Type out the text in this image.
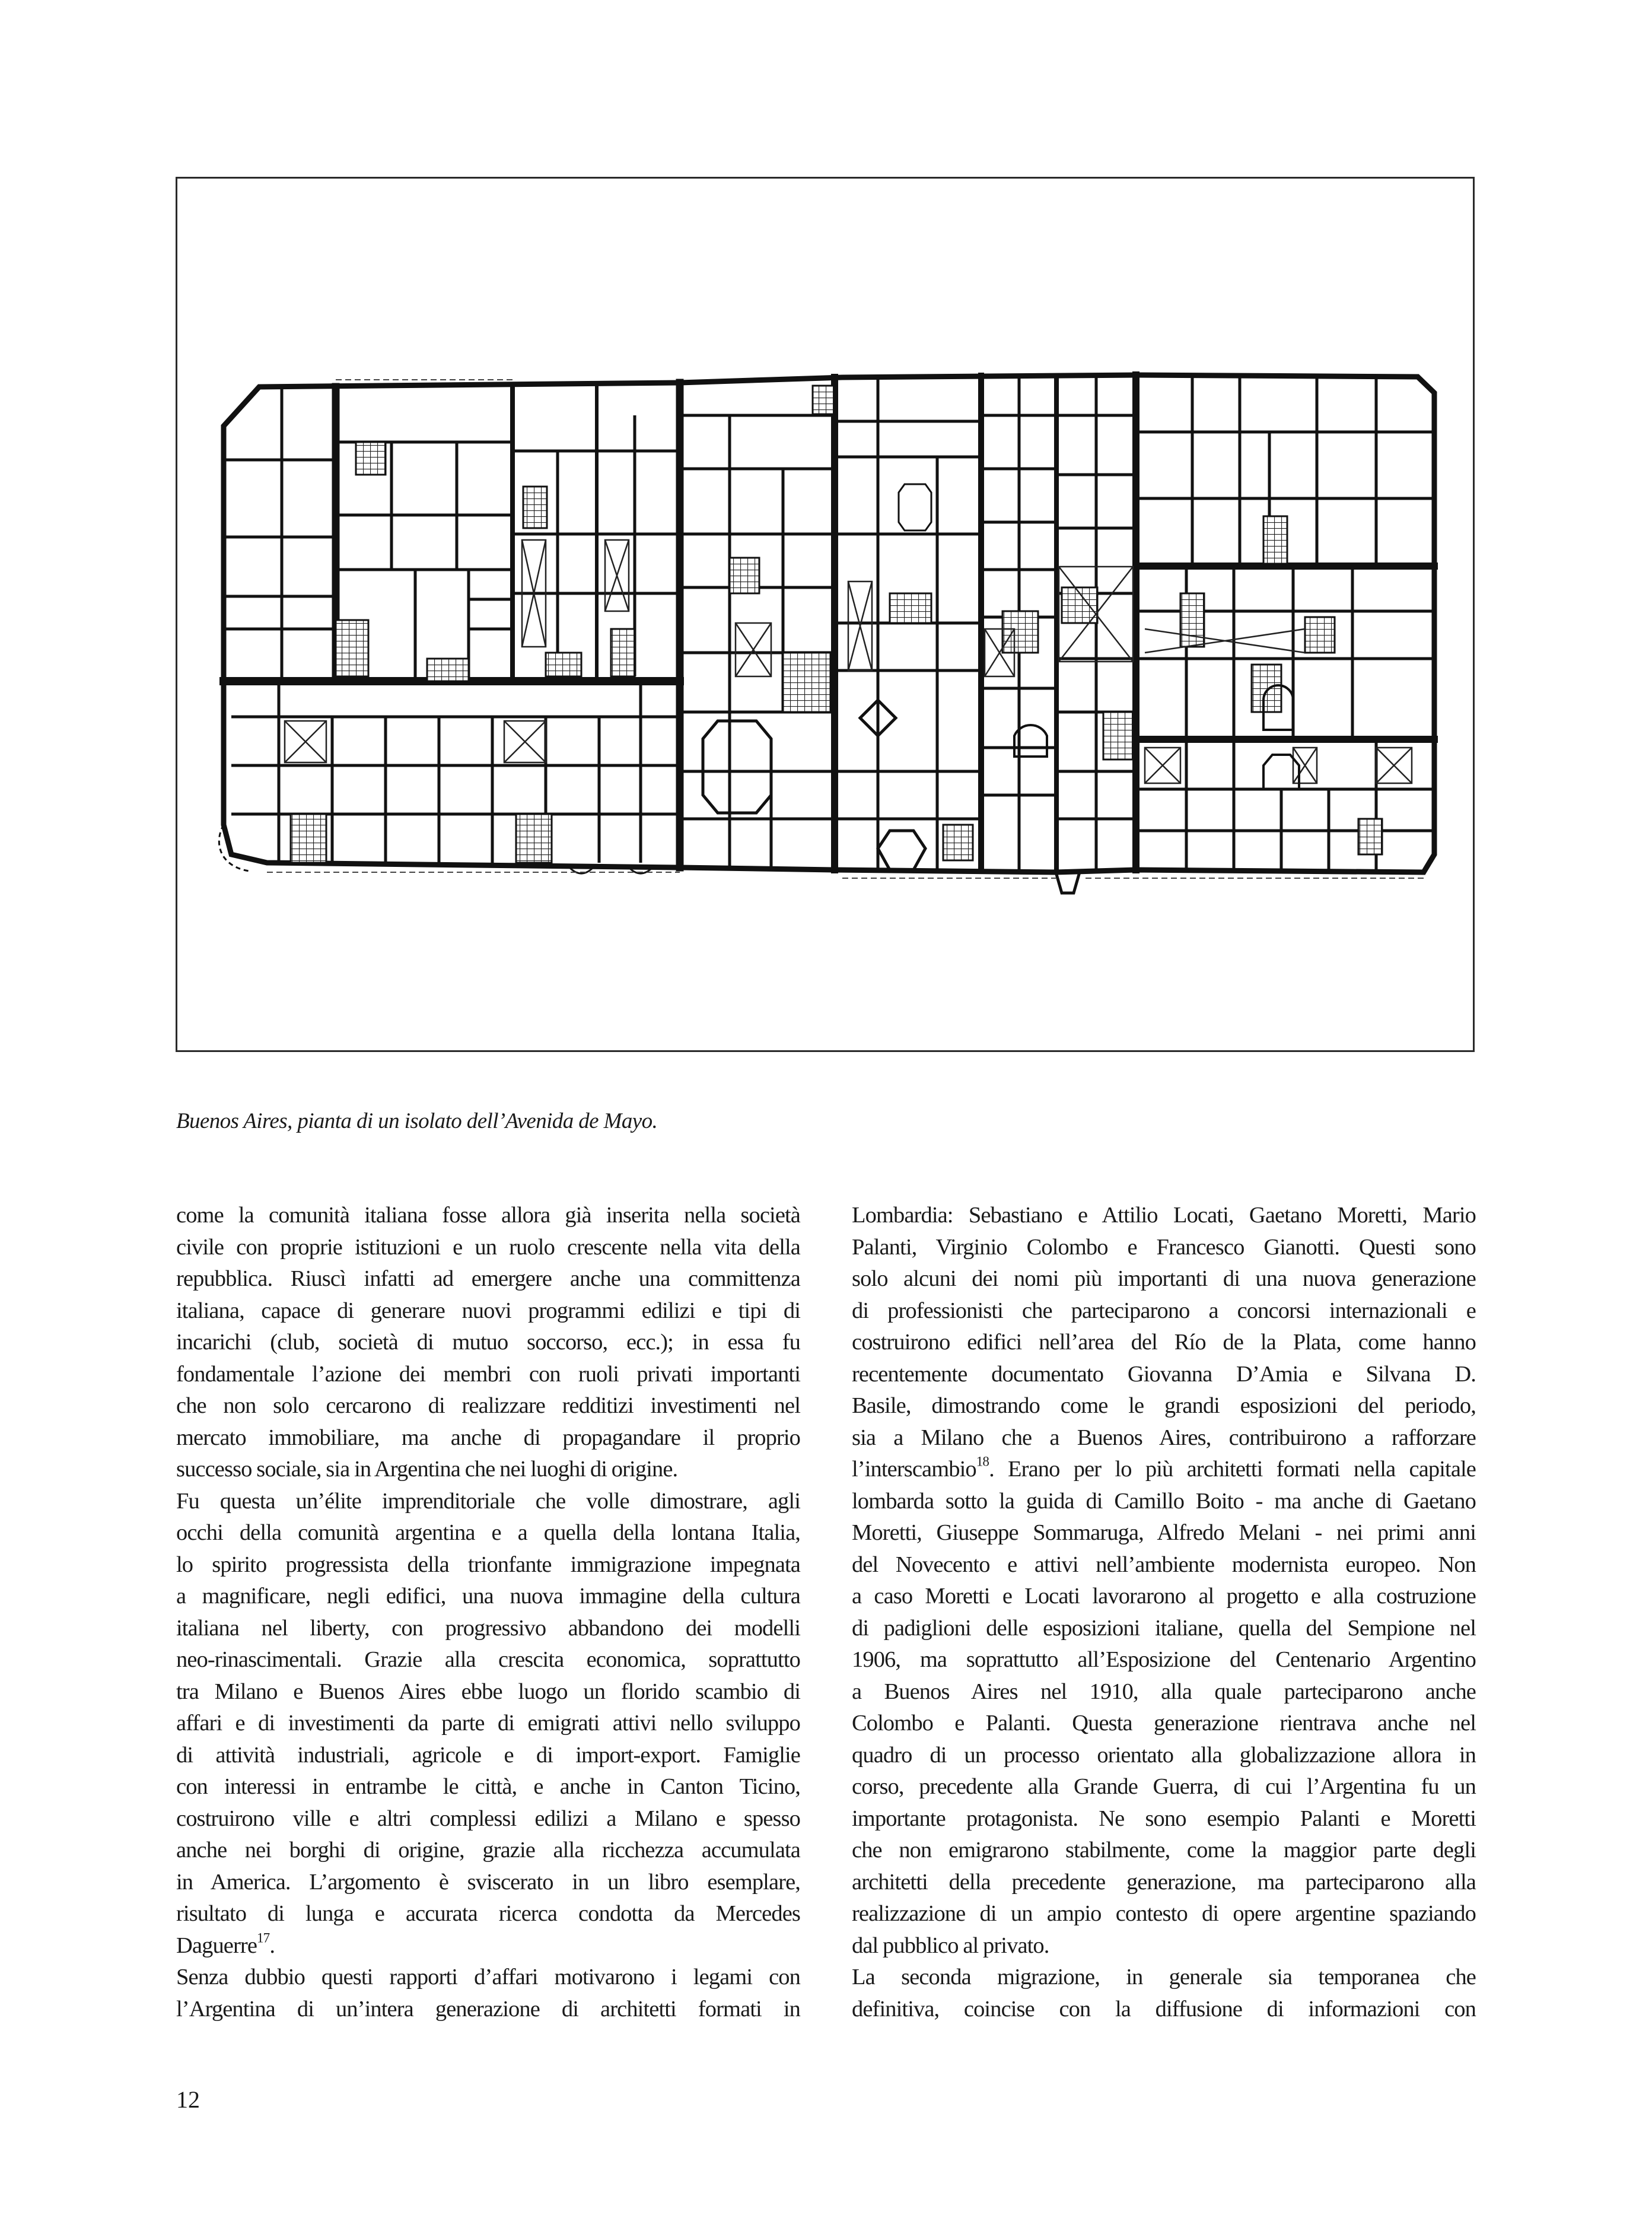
Buenos Aires, pianta di un isolato dell’Avenida de Mayo.
come la comunità italiana fosse allora già inserita nella società
civile con proprie istituzioni e un ruolo crescente nella vita della
repubblica. Riuscì infatti ad emergere anche una committenza
italiana, capace di generare nuovi programmi edilizi e tipi di
incarichi (club, società di mutuo soccorso, ecc.); in essa fu
fondamentale l’azione dei membri con ruoli privati importanti
che non solo cercarono di realizzare redditizi investimenti nel
mercato immobiliare, ma anche di propagandare il proprio
successo sociale, sia in Argentina che nei luoghi di origine.
Fu questa un’élite imprenditoriale che volle dimostrare, agli
occhi della comunità argentina e a quella della lontana Italia,
lo spirito progressista della trionfante immigrazione impegnata
a magnificare, negli edifici, una nuova immagine della cultura
italiana nel liberty, con progressivo abbandono dei modelli
neo-rinascimentali. Grazie alla crescita economica, soprattutto
tra Milano e Buenos Aires ebbe luogo un florido scambio di
affari e di investimenti da parte di emigrati attivi nello sviluppo
di attività industriali, agricole e di import-export. Famiglie
con interessi in entrambe le città, e anche in Canton Ticino,
costruirono ville e altri complessi edilizi a Milano e spesso
anche nei borghi di origine, grazie alla ricchezza accumulata
in America. L’argomento è sviscerato in un libro esemplare,
risultato di lunga e accurata ricerca condotta da Mercedes
Daguerre$^{17}$.
Senza dubbio questi rapporti d’affari motivarono i legami con
l’Argentina di un’intera generazione di architetti formati in
Lombardia: Sebastiano e Attilio Locati, Gaetano Moretti, Mario
Palanti, Virginio Colombo e Francesco Gianotti. Questi sono
solo alcuni dei nomi più importanti di una nuova generazione
di professionisti che parteciparono a concorsi internazionali e
costruirono edifici nell’area del Río de la Plata, come hanno
recentemente documentato Giovanna D’Amia e Silvana D.
Basile, dimostrando come le grandi esposizioni del periodo,
sia a Milano che a Buenos Aires, contribuirono a rafforzare
l’interscambio$^{18}$. Erano per lo più architetti formati nella capitale
lombarda sotto la guida di Camillo Boito - ma anche di Gaetano
Moretti, Giuseppe Sommaruga, Alfredo Melani - nei primi anni
del Novecento e attivi nell’ambiente modernista europeo. Non
a caso Moretti e Locati lavorarono al progetto e alla costruzione
di padiglioni delle esposizioni italiane, quella del Sempione nel
1906, ma soprattutto all’Esposizione del Centenario Argentino
a Buenos Aires nel 1910, alla quale parteciparono anche
Colombo e Palanti. Questa generazione rientrava anche nel
quadro di un processo orientato alla globalizzazione allora in
corso, precedente alla Grande Guerra, di cui l’Argentina fu un
importante protagonista. Ne sono esempio Palanti e Moretti
che non emigrarono stabilmente, come la maggior parte degli
architetti della precedente generazione, ma parteciparono alla
realizzazione di un ampio contesto di opere argentine spaziando
dal pubblico al privato.
La seconda migrazione, in generale sia temporanea che
definitiva, coincise con la diffusione di informazioni con
12
